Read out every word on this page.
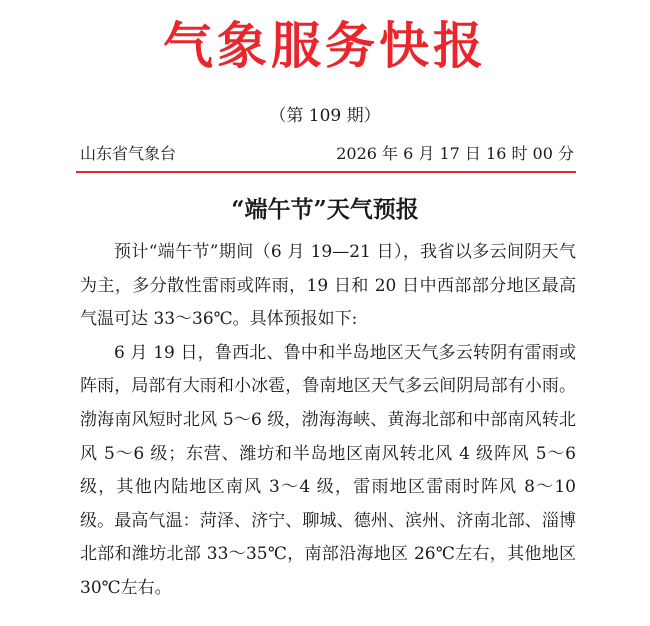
气象服务快报
（第 109 期）
山东省气象台	2026 年 6 月 17 日 16 时 00 分
“端午节”天气预报

预计“端午节”期间（6 月 19—21 日），我省以多云间阴天气为主，多分散性雷雨或阵雨，19 日和 20 日中西部部分地区最高气温可达 33～36℃。具体预报如下:

6 月 19 日，鲁西北、鲁中和半岛地区天气多云转阴有雷雨或阵雨，局部有大雨和小冰雹，鲁南地区天气多云间阴局部有小雨。渤海南风短时北风 5～6 级，渤海海峡、黄海北部和中部南风转北风 5～6 级；东营、潍坊和半岛地区南风转北风 4 级阵风 5～6 级，其他内陆地区南风 3～4 级，雷雨地区雷雨时阵风 8～10 级。最高气温：菏泽、济宁、聊城、德州、滨州、济南北部、淄博北部和潍坊北部 33～35℃，南部沿海地区 26℃左右，其他地区 30℃左右。
